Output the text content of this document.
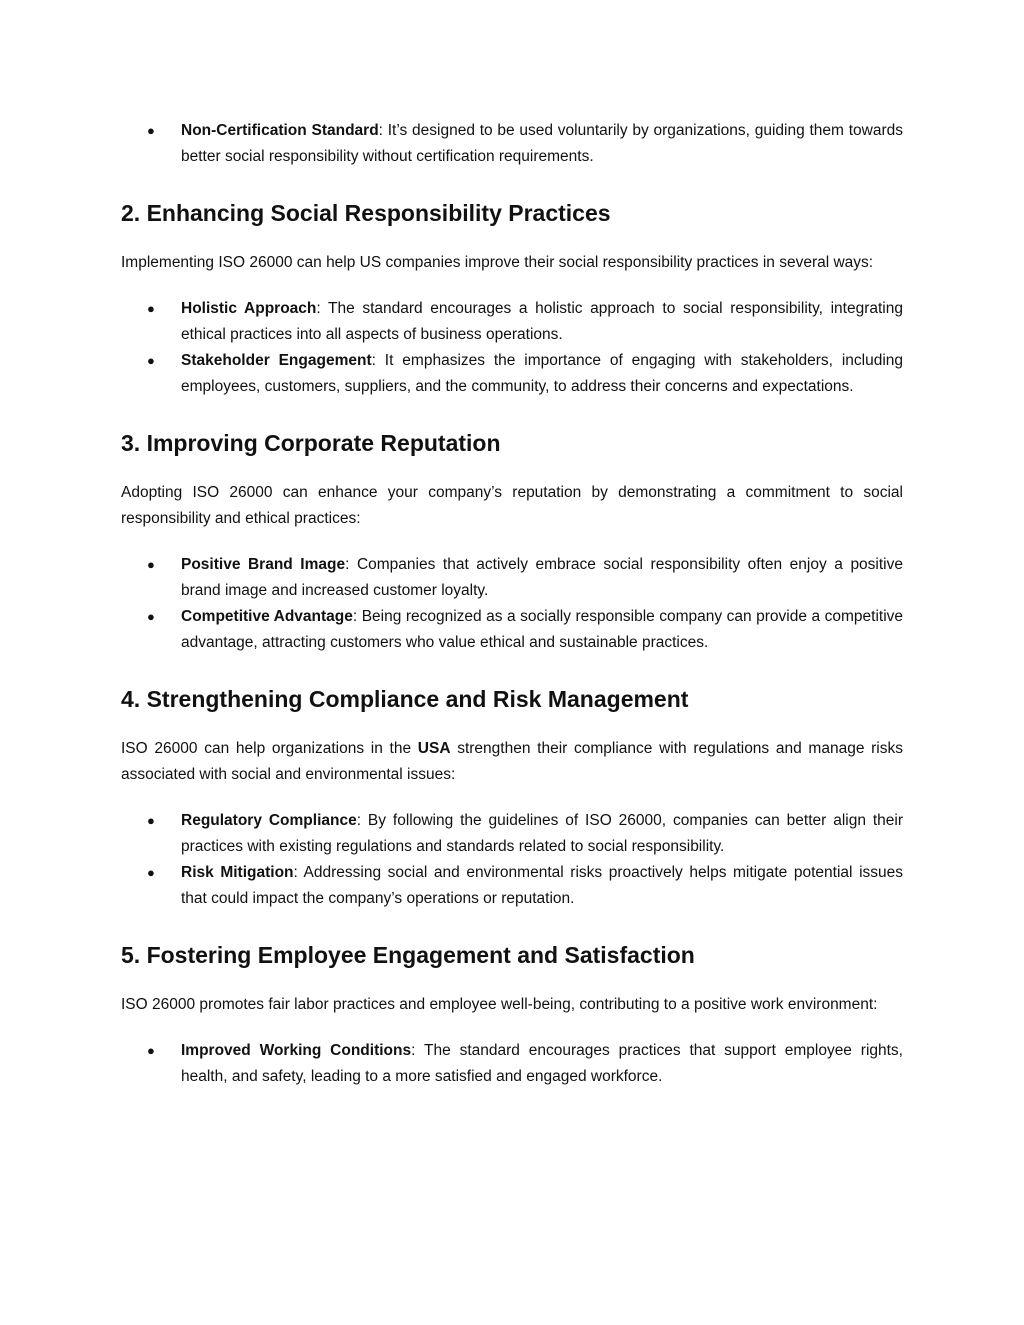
● Non-Certification Standard: It’s designed to be used voluntarily by organizations, guiding them towards better social responsibility without certification requirements.
2. Enhancing Social Responsibility Practices

Implementing ISO 26000 can help US companies improve their social responsibility practices in several ways:

● Holistic Approach: The standard encourages a holistic approach to social responsibility, integrating ethical practices into all aspects of business operations.
● Stakeholder Engagement: It emphasizes the importance of engaging with stakeholders, including employees, customers, suppliers, and the community, to address their concerns and expectations.
3. Improving Corporate Reputation

Adopting ISO 26000 can enhance your company’s reputation by demonstrating a commitment to social responsibility and ethical practices:

● Positive Brand Image: Companies that actively embrace social responsibility often enjoy a positive brand image and increased customer loyalty.
● Competitive Advantage: Being recognized as a socially responsible company can provide a competitive advantage, attracting customers who value ethical and sustainable practices.
4. Strengthening Compliance and Risk Management

ISO 26000 can help organizations in the USA strengthen their compliance with regulations and manage risks associated with social and environmental issues:

● Regulatory Compliance: By following the guidelines of ISO 26000, companies can better align their practices with existing regulations and standards related to social responsibility.
● Risk Mitigation: Addressing social and environmental risks proactively helps mitigate potential issues that could impact the company’s operations or reputation.
5. Fostering Employee Engagement and Satisfaction

ISO 26000 promotes fair labor practices and employee well-being, contributing to a positive work environment:

● Improved Working Conditions: The standard encourages practices that support employee rights, health, and safety, leading to a more satisfied and engaged workforce.
